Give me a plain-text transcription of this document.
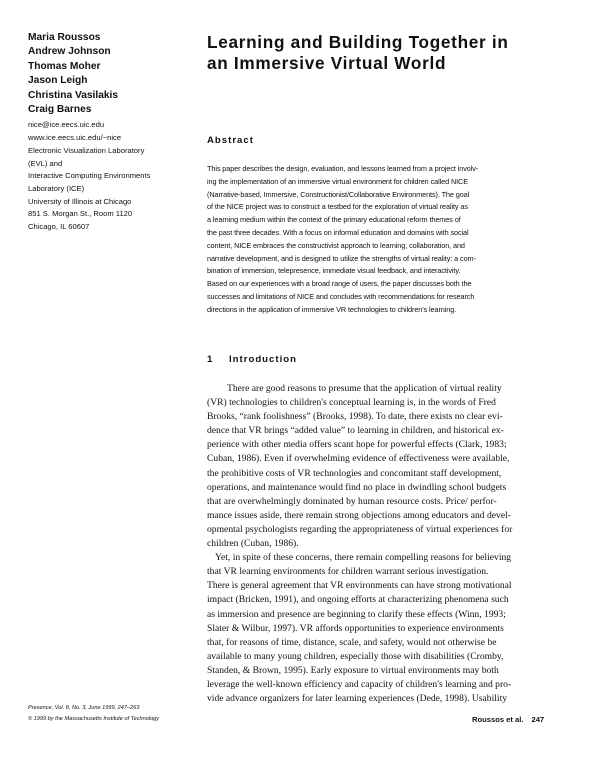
Maria Roussos
Andrew Johnson
Thomas Moher
Jason Leigh
Christina Vasilakis
Craig Barnes
nice@ice.eecs.uic.edu
www.ice.eecs.uic.edu/~nice
Electronic Visualization Laboratory
(EVL) and
Interactive Computing Environments
Laboratory (ICE)
University of Illinois at Chicago
851 S. Morgan St., Room 1120
Chicago, IL 60607
Learning and Building Together in
an Immersive Virtual World
Abstract
This paper describes the design, evaluation, and lessons learned from a project involv-
ing the implementation of an immersive virtual environment for children called NICE
(Narrative-based, Immersive, Constructionist/Collaborative Environments). The goal
of the NICE project was to construct a testbed for the exploration of virtual reality as
a learning medium within the context of the primary educational reform themes of
the past three decades. With a focus on informal education and domains with social
content, NICE embraces the constructivist approach to learning, collaboration, and
narrative development, and is designed to utilize the strengths of virtual reality: a com-
bination of immersion, telepresence, immediate visual feedback, and interactivity.
Based on our experiences with a broad range of users, the paper discusses both the
successes and limitations of NICE and concludes with recommendations for research
directions in the application of immersive VR technologies to children's learning.
1 Introduction
There are good reasons to presume that the application of virtual reality
(VR) technologies to children's conceptual learning is, in the words of Fred
Brooks, “rank foolishness” (Brooks, 1998). To date, there exists no clear evi-
dence that VR brings “added value” to learning in children, and historical ex-
perience with other media offers scant hope for powerful effects (Clark, 1983;
Cuban, 1986). Even if overwhelming evidence of effectiveness were available,
the prohibitive costs of VR technologies and concomitant staff development,
operations, and maintenance would find no place in dwindling school budgets
that are overwhelmingly dominated by human resource costs. Price/ perfor-
mance issues aside, there remain strong objections among educators and devel-
opmental psychologists regarding the appropriateness of virtual experiences for
children (Cuban, 1986).
Yet, in spite of these concerns, there remain compelling reasons for believing
that VR learning environments for children warrant serious investigation.
There is general agreement that VR environments can have strong motivational
impact (Bricken, 1991), and ongoing efforts at characterizing phenomena such
as immersion and presence are beginning to clarify these effects (Winn, 1993;
Slater & Wilbur, 1997). VR affords opportunities to experience environments
that, for reasons of time, distance, scale, and safety, would not otherwise be
available to many young children, especially those with disabilities (Cromby,
Standen, & Brown, 1995). Early exposure to virtual environments may both
leverage the well-known efficiency and capacity of children's learning and pro-
vide advance organizers for later learning experiences (Dede, 1998). Usability
Presence, Vol. 8, No. 3, June 1999, 247–263
© 1999 by the Massachusetts Institute of Technology	Roussos et al. 247
